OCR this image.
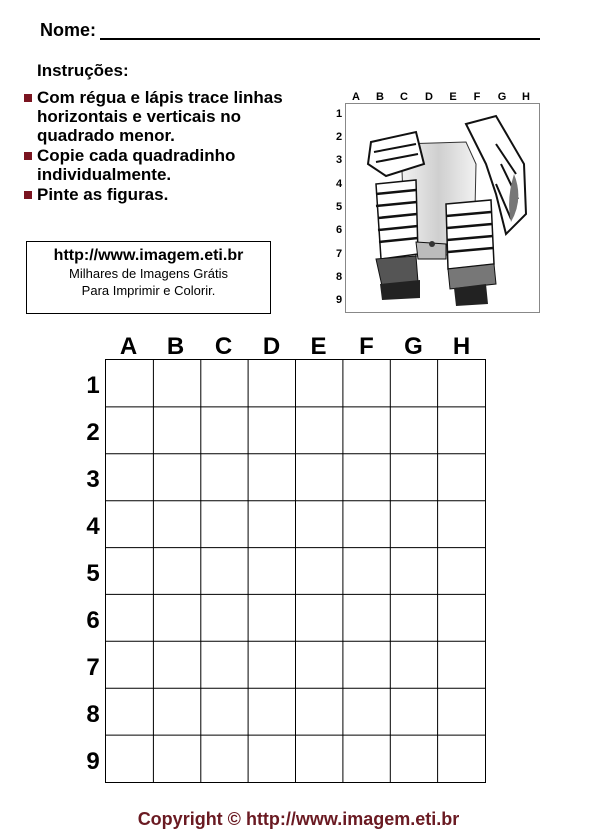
Nome:
Instruções:
Com régua e lápis trace linhas horizontais e verticais no quadrado menor.
Copie cada quadradinho individualmente.
Pinte as figuras.
http://www.imagem.eti.br
Milhares de Imagens Grátis
Para Imprimir e Colorir.
A	B	C	D	E	F	G	H
1
2
3
4
5
6
7
8
9
A	B	C	D	E	F	G	H
1
2
3
4
5
6
7
8
9
Copyright © http://www.imagem.eti.br
